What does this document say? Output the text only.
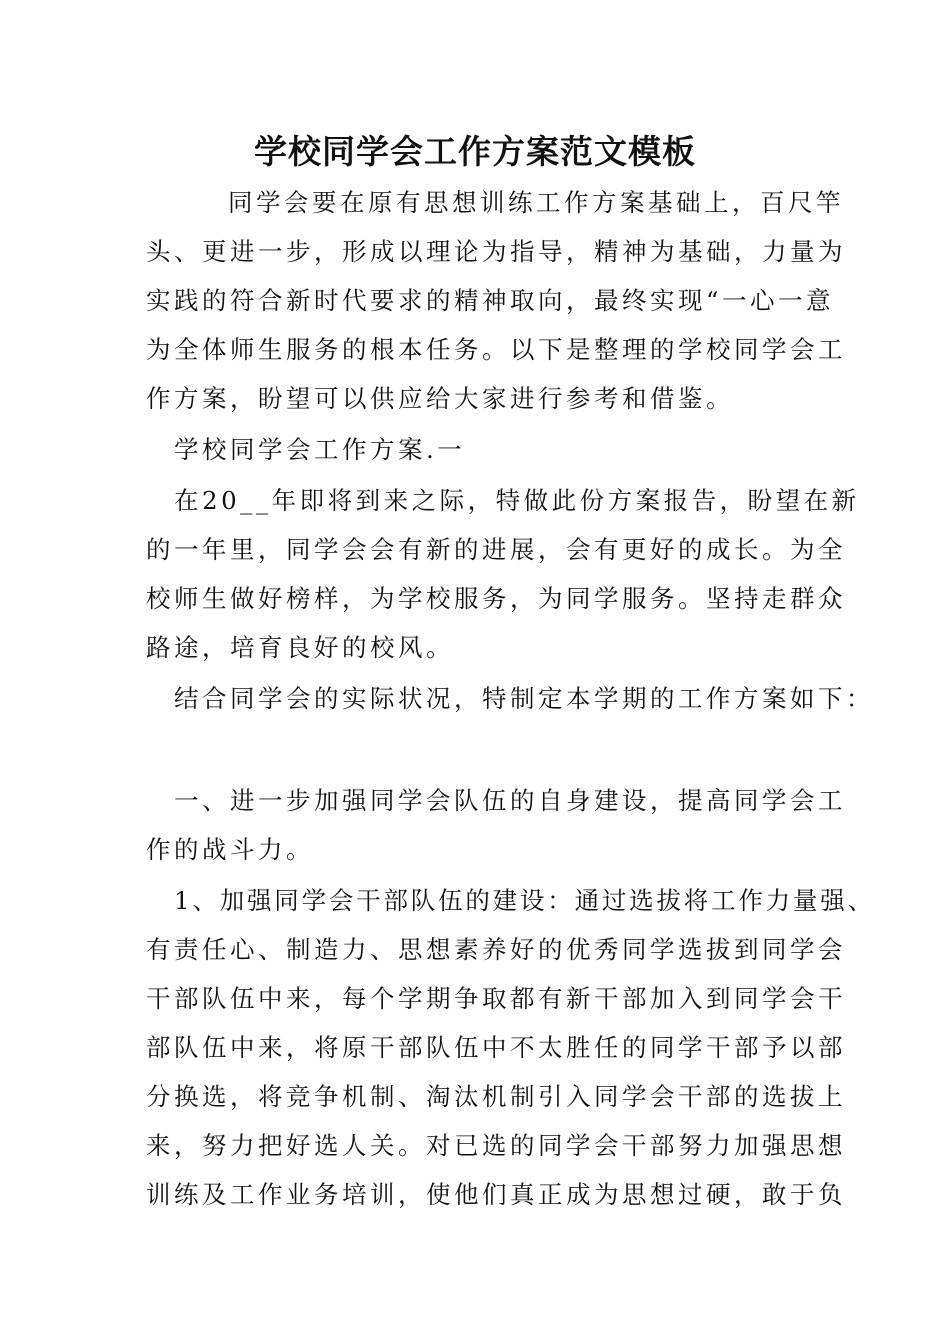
学校同学会工作方案范文模板
同学会要在原有思想训练工作方案基础上，百尺竿
头、更进一步，形成以理论为指导，精神为基础，力量为
实践的符合新时代要求的精神取向，最终实现“一心一意
为全体师生服务的根本任务。以下是整理的学校同学会工
作方案，盼望可以供应给大家进行参考和借鉴。
学校同学会工作方案.一
在20__年即将到来之际，特做此份方案报告，盼望在新
的一年里，同学会会有新的进展，会有更好的成长。为全
校师生做好榜样，为学校服务，为同学服务。坚持走群众
路途，培育良好的校风。
结合同学会的实际状况，特制定本学期的工作方案如下：
一、进一步加强同学会队伍的自身建设，提高同学会工
作的战斗力。
1、加强同学会干部队伍的建设：通过选拔将工作力量强、
有责任心、制造力、思想素养好的优秀同学选拔到同学会
干部队伍中来，每个学期争取都有新干部加入到同学会干
部队伍中来，将原干部队伍中不太胜任的同学干部予以部
分换选，将竞争机制、淘汰机制引入同学会干部的选拔上
来，努力把好选人关。对已选的同学会干部努力加强思想
训练及工作业务培训，使他们真正成为思想过硬，敢于负
